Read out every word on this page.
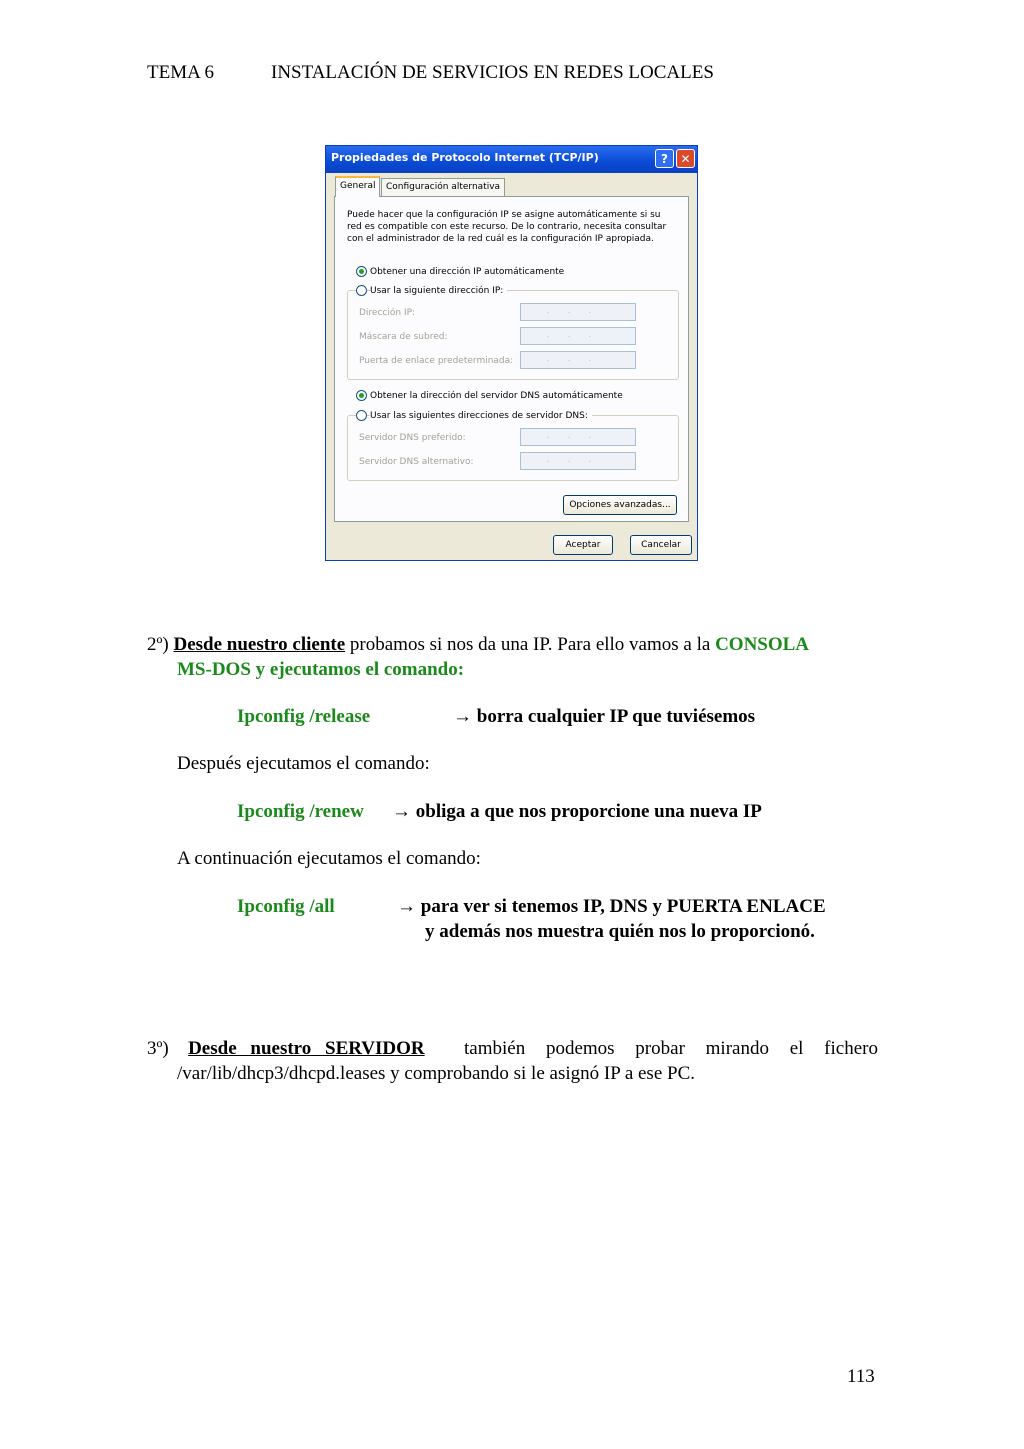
TEMA 6	INSTALACIÓN DE SERVICIOS EN REDES LOCALES
Propiedades de Protocolo Internet (TCP/IP)	?	✕
General	Configuración alternativa
Puede hacer que la configuración IP se asigne automáticamente si su
red es compatible con este recurso. De lo contrario, necesita consultar
con el administrador de la red cuál es la configuración IP apropiada.
Obtener una dirección IP automáticamente
Usar la siguiente dirección IP:
Dirección IP:	...
Máscara de subred:	...
Puerta de enlace predeterminada:	...
Obtener la dirección del servidor DNS automáticamente
Usar las siguientes direcciones de servidor DNS:
Servidor DNS preferido:	...
Servidor DNS alternativo:	...
Opciones avanzadas...
Aceptar	Cancelar
2º) Desde nuestro cliente probamos si nos da una IP. Para ello vamos a la CONSOLA
MS-DOS y ejecutamos el comando:
Ipconfig /release	→ borra cualquier IP que tuviésemos
Después ejecutamos el comando:
Ipconfig /renew → obliga a que nos proporcione una nueva IP
A continuación ejecutamos el comando:
Ipconfig /all	→ para ver si tenemos IP, DNS y PUERTA ENLACE
y además nos muestra quién nos lo proporcionó.
3º) Desde nuestro SERVIDOR también podemos probar mirando el fichero
/var/lib/dhcp3/dhcpd.leases y comprobando si le asignó IP a ese PC.
113
